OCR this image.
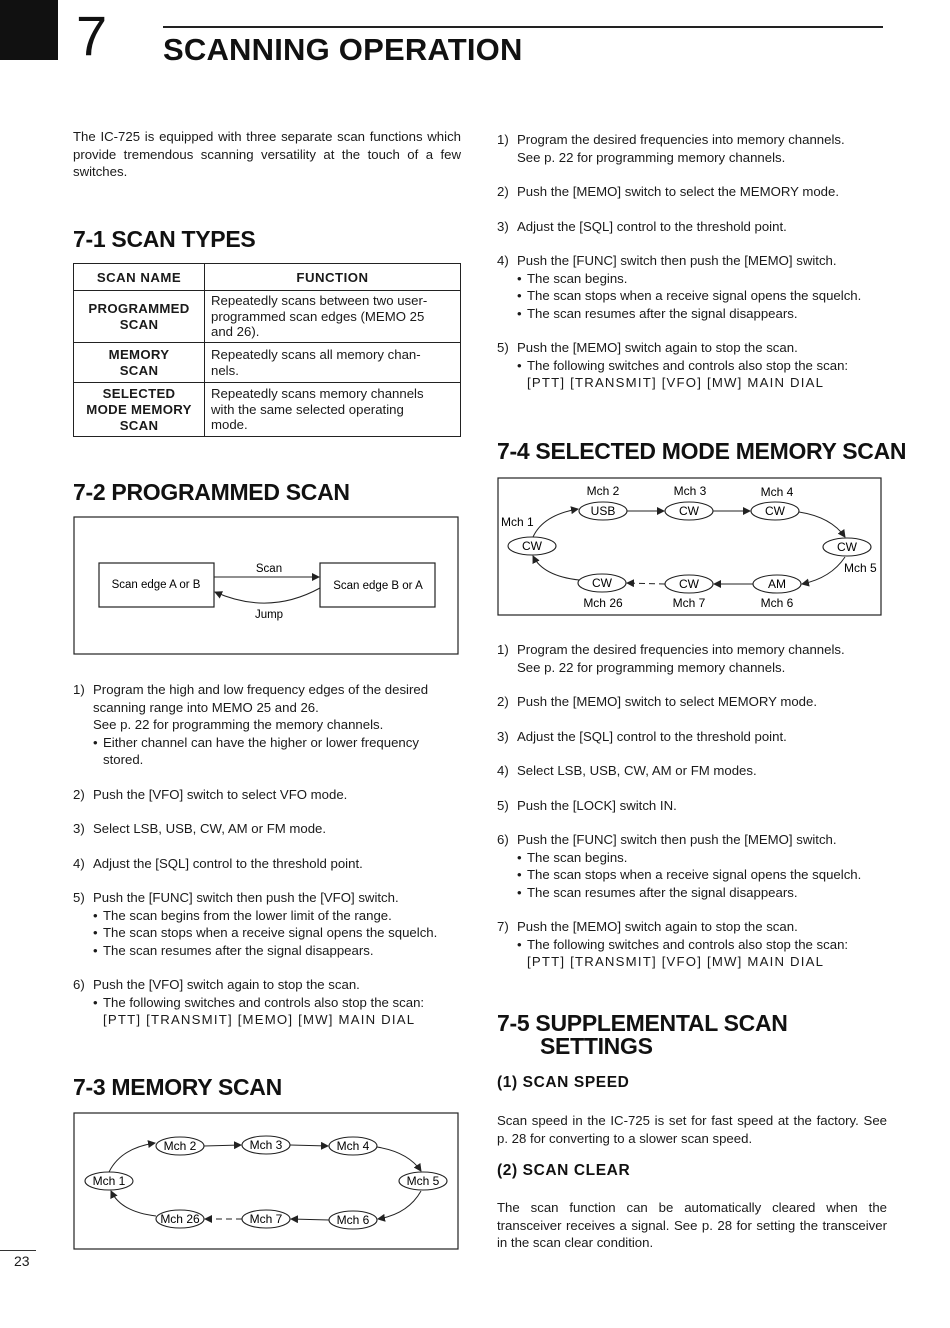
7 SCANNING OPERATION

The IC-725 is equipped with three separate scan functions which provide tremendous scanning versatility at the touch of a few switches.

7-1 SCAN TYPES
SCAN NAME	FUNCTION
PROGRAMMED
SCAN	Repeatedly scans between two user-
programmed scan edges (MEMO 25
and 26).
MEMORY
SCAN	Repeatedly scans all memory chan-
nels.
SELECTED
MODE MEMORY
SCAN	Repeatedly scans memory channels
with the same selected operating
mode.
7-2 PROGRAMMED SCAN
Scan edge A or B	Scan edge B or A
Scan
Jump
1) Program the high and low frequency edges of the desired
scanning range into MEMO 25 and 26.
See p. 22 for programming the memory channels.
• Either channel can have the higher or lower frequency
stored.
2) Push the [VFO] switch to select VFO mode.
3) Select LSB, USB, CW, AM or FM mode.
4) Adjust the [SQL] control to the threshold point.
5) Push the [FUNC] switch then push the [VFO] switch.
• The scan begins from the lower limit of the range.
• The scan stops when a receive signal opens the squelch.
• The scan resumes after the signal disappears.
6) Push the [VFO] switch again to stop the scan.
• The following switches and controls also stop the scan:
[PTT] [TRANSMIT] [MEMO] [MW] MAIN DIAL
7-3 MEMORY SCAN
Mch 2	Mch 3	Mch 4
Mch 1	Mch 5
Mch 26	Mch 7	Mch 6
1) Program the desired frequencies into memory channels.
See p. 22 for programming memory channels.
2) Push the [MEMO] switch to select the MEMORY mode.
3) Adjust the [SQL] control to the threshold point.
4) Push the [FUNC] switch then push the [MEMO] switch.
• The scan begins.
• The scan stops when a receive signal opens the squelch.
• The scan resumes after the signal disappears.
5) Push the [MEMO] switch again to stop the scan.
• The following switches and controls also stop the scan:
[PTT] [TRANSMIT] [VFO] [MW] MAIN DIAL
7-4 SELECTED MODE MEMORY SCAN
Mch 2	Mch 3	Mch 4
Mch 1
Mch 5
Mch 26	Mch 7	Mch 6
USB	CW	CW
CW	CW
CW	CW	AM
1) Program the desired frequencies into memory channels.
See p. 22 for programming memory channels.
2) Push the [MEMO] switch to select MEMORY mode.
3) Adjust the [SQL] control to the threshold point.
4) Select LSB, USB, CW, AM or FM modes.
5) Push the [LOCK] switch IN.
6) Push the [FUNC] switch then push the [MEMO] switch.
• The scan begins.
• The scan stops when a receive signal opens the squelch.
• The scan resumes after the signal disappears.
7) Push the [MEMO] switch again to stop the scan.
• The following switches and controls also stop the scan:
[PTT] [TRANSMIT] [VFO] [MW] MAIN DIAL
7-5 SUPPLEMENTAL SCAN
SETTINGS
(1) SCAN SPEED

Scan speed in the IC-725 is set for fast speed at the factory. See p. 28 for converting to a slower scan speed.

(2) SCAN CLEAR

The scan function can be automatically cleared when the transceiver receives a signal. See p. 28 for setting the transceiver in the scan clear condition.

23
